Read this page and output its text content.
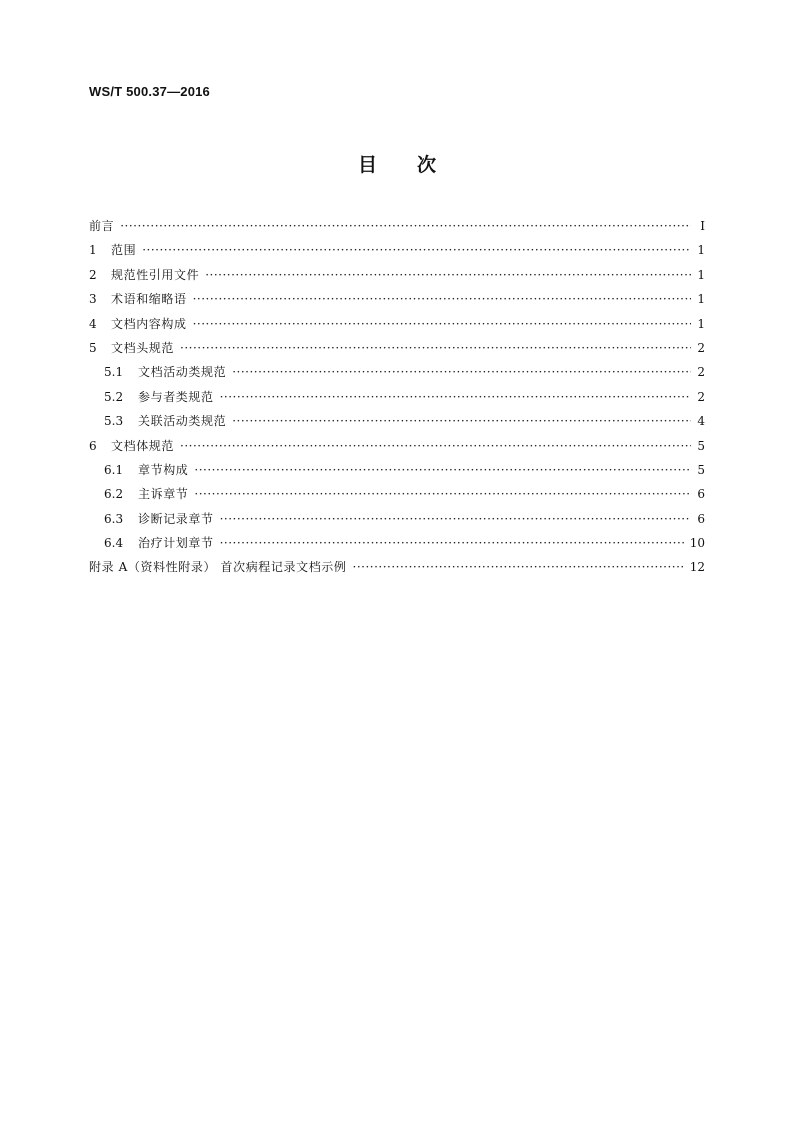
WS/T 500.37—2016
目 次
前言 ·····	Ⅰ
1	范围 ·····	1
2	规范性引用文件 ·····	1
3	术语和缩略语 ·····	1
4	文档内容构成 ·····	1
5	文档头规范 ·····	2
5.1	文档活动类规范 ·····	2
5.2	参与者类规范 ·····	2
5.3	关联活动类规范 ·····	4
6	文档体规范 ·····	5
6.1	章节构成 ·····	5
6.2	主诉章节 ·····	6
6.3	诊断记录章节 ·····	6
6.4	治疗计划章节 ·····	10
附录 A（资料性附录） 首次病程记录文档示例 ·····	12
